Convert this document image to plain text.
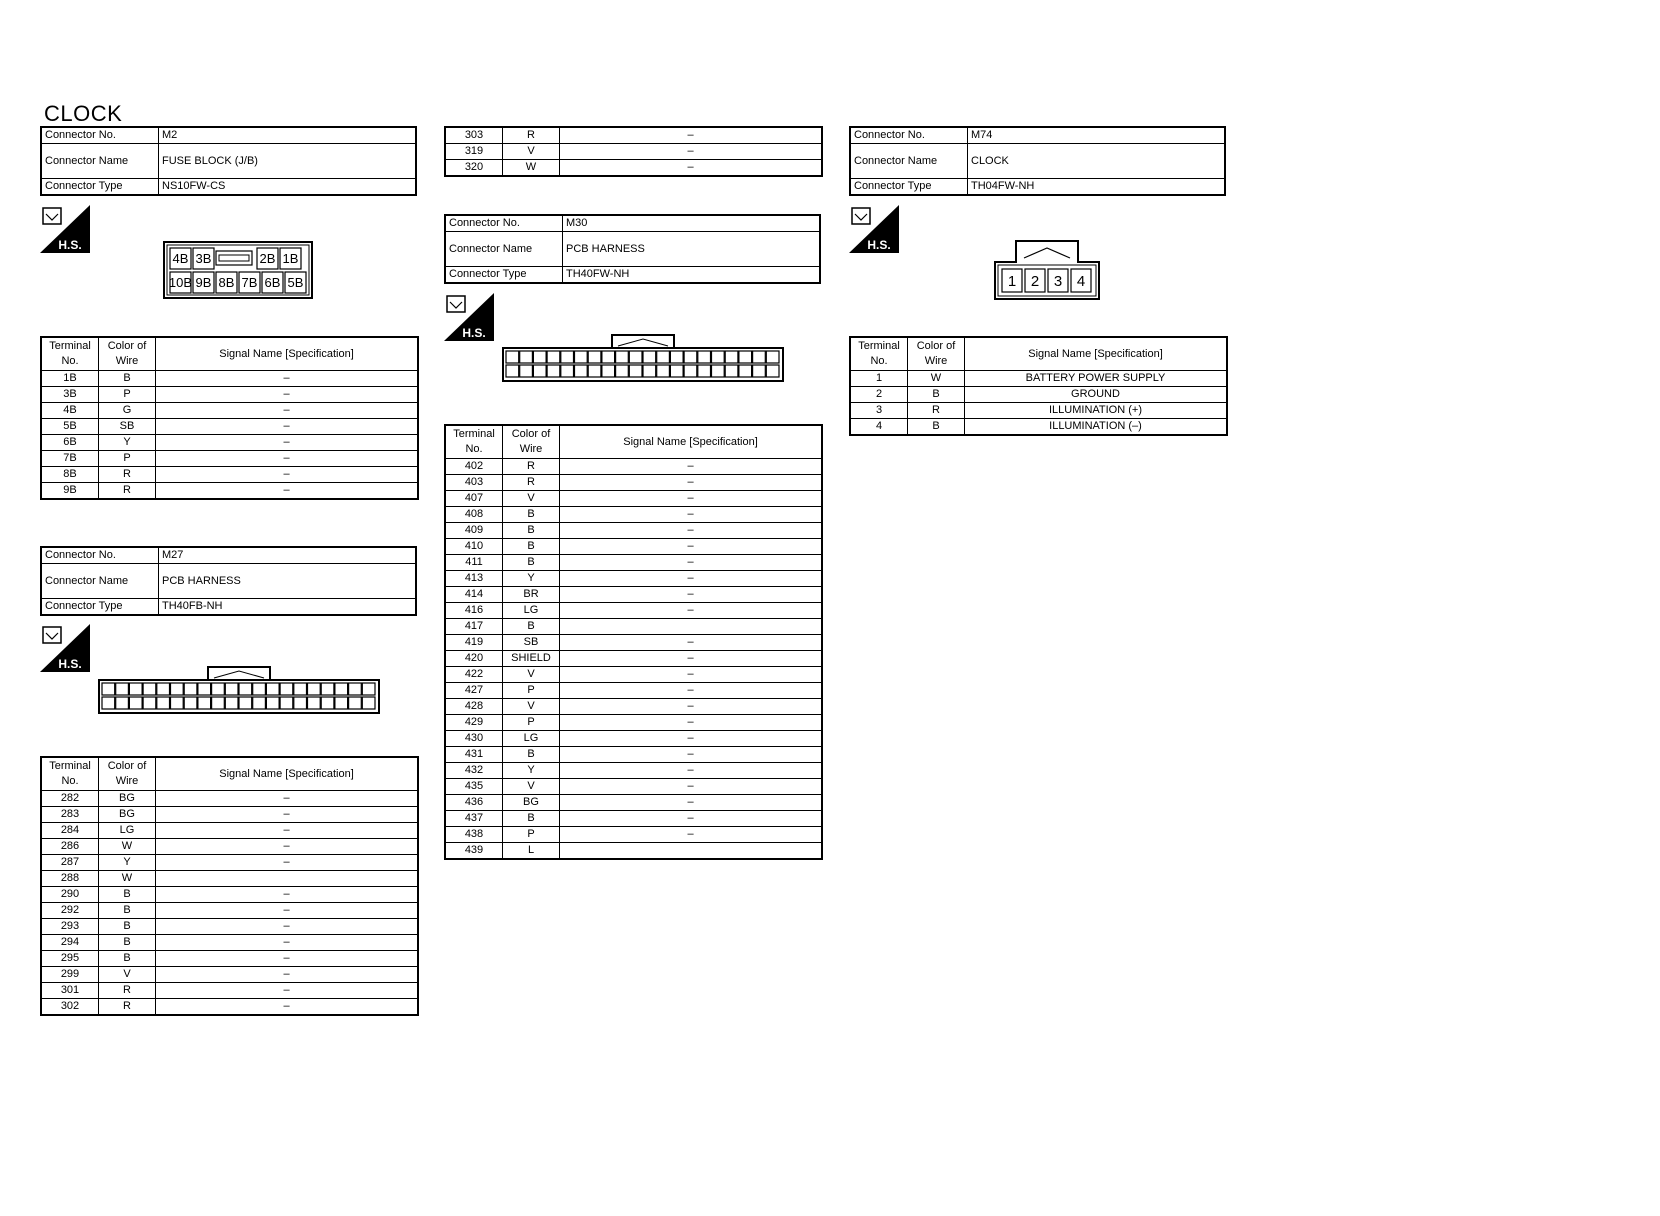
CLOCK
Connector No.	M2
Connector Name	FUSE BLOCK (J/B)
Connector Type	NS10FW-CS
H.S.
4B 3B	2B 1B
10B 9B 8B 7B 6B 5B
Terminal No.	Color of Wire	Signal Name [Specification]
1B	B	–
3B	P	–
4B	G	–
5B	SB	–
6B	Y	–
7B	P	–
8B	R	–
9B	R	–
Connector No.	M27
Connector Name	PCB HARNESS
Connector Type	TH40FB-NH
H.S.
Terminal No.	Color of Wire	Signal Name [Specification]
282	BG	–
283	BG	–
284	LG	–
286	W	–
287	Y	–
288	W	
290	B	–
292	B	–
293	B	–
294	B	–
295	B	–
299	V	–
301	R	–
302	R	–
303	R	–
319	V	–
320	W	–
Connector No.	M30
Connector Name	PCB HARNESS
Connector Type	TH40FW-NH
H.S.
Terminal No.	Color of Wire	Signal Name [Specification]
402	R	–
403	R	–
407	V	–
408	B	–
409	B	–
410	B	–
411	B	–
413	Y	–
414	BR	–
416	LG	–
417	B	
419	SB	–
420	SHIELD	–
422	V	–
427	P	–
428	V	–
429	P	–
430	LG	–
431	B	–
432	Y	–
435	V	–
436	BG	–
437	B	–
438	P	–
439	L	
Connector No.	M74
Connector Name	CLOCK
Connector Type	TH04FW-NH
H.S.
1 2 3 4
Terminal No.	Color of Wire	Signal Name [Specification]
1	W	BATTERY POWER SUPPLY
2	B	GROUND
3	R	ILLUMINATION (+)
4	B	ILLUMINATION (–)
